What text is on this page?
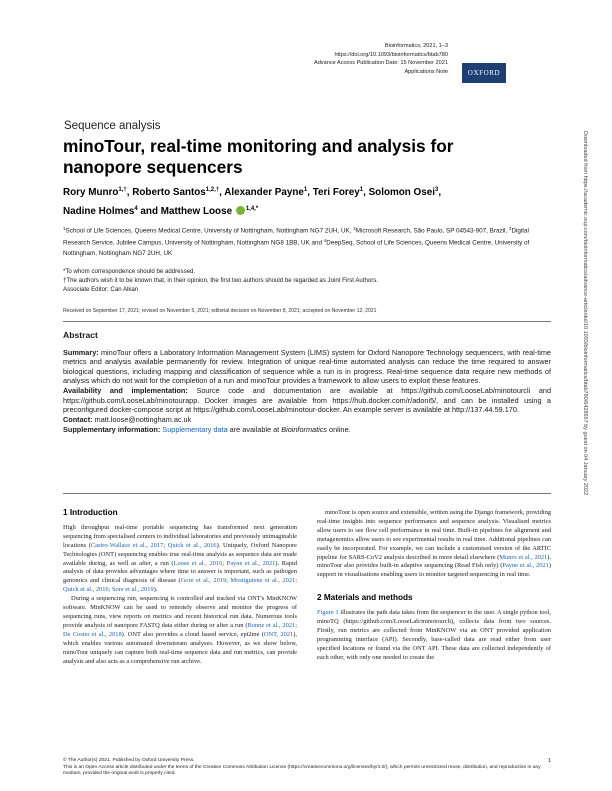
Bioinformatics, 2021, 1–3
https://doi.org/10.1093/bioinformatics/btab780
Advance Access Publication Date: 15 November 2021
Applications Note	OXFORD
Sequence analysis
minoTour, real-time monitoring and analysis for nanopore sequencers
Rory Munro$^{1,\dagger}$, Roberto Santos$^{1,2,\dagger}$, Alexander Payne$^1$, Teri Forey$^1$, Solomon Osei$^3$,
Nadine Holmes$^4$ and Matthew Loose $^{1,4,*}$
$^1$School of Life Sciences, Queens Medical Centre, University of Nottingham, Nottingham NG7 2UH, UK, $^2$Microsoft Research, São Paulo, SP 04543-907, Brazil, $^3$Digital Research Service, Jubilee Campus, University of Nottingham, Nottingham NG8 1BB, UK and $^4$DeepSeq, School of Life Sciences, Queens Medical Centre, University of Nottingham, Nottingham NG7 2UH, UK
*To whom correspondence should be addressed.
†The authors wish it to be known that, in their opinion, the first two authors should be regarded as Joint First Authors.
Associate Editor: Can Alkan
Received on September 17, 2021; revised on November 5, 2021; editorial decision on November 8, 2021; accepted on November 12, 2021
Abstract

Summary: minoTour offers a Laboratory Information Management System (LIMS) system for Oxford Nanopore Technology sequencers, with real-time metrics and analysis available permanently for review. Integration of unique real-time automated analysis can reduce the time required to answer biological questions, including mapping and classification of sequence while a run is in progress. Real-time sequence data require new methods of analysis which do not wait for the completion of a run and minoTour provides a framework to allow users to exploit these features.

Availability and implementation: Source code and documentation are available at https://github.com/LooseLab/minotourcli and https://github.com/LooseLab/minotourapp. Docker images are available from https://hub.docker.com/r/adoni5/, and can be installed using a preconfigured docker-compose script at https://github.com/LooseLab/minotour-docker. An example server is available at http://137.44.59.170.

Contact: matt.loose@nottingham.ac.uk

Supplementary information: Supplementary data are available at Bioinformatics online.

1 Introduction

High throughput real-time portable sequencing has transformed next generation sequencing from specialised centers to individual laboratories and previously unimaginable locations (Castro-Wallace et al., 2017; Quick et al., 2016). Uniquely, Oxford Nanopore Technologies (ONT) sequencing enables true real-time analysis as sequence data are made available during, as well as after, a run (Loose et al., 2016; Payne et al., 2021). Rapid analysis of data provides advantages where time to answer is important, such as pathogen genomics and clinical diagnosis of disease (Gore et al., 2019; Mostiguiene et al., 2021; Quick et al., 2016; Sore et al., 2019).

During a sequencing run, sequencing is controlled and tracked via ONT's MinKNOW software. MinKNOW can be used to remotely observe and monitor the progress of sequencing runs, view reports on metrics and recent historical run data. Numerous tools provide analysis of nanopore FASTQ data either during or after a run (Bonne et al., 2021; De Coster et al., 2018). ONT also provides a cloud based service, epi2me (ONT, 2021), which enables various automated downstream analyses. However, as we show below, minoTour uniquely can capture both real-time sequence data and run metrics, can provide analysis and also acts as a comprehensive run archive.

minoTour is open source and extensible, written using the Django framework, providing real-time insights into sequence performance and sequence analysis. Visualised metrics allow users to see flow cell performance in real time. Built-in pipelines for alignment and metagenomics allow users to see experimental results in real time. Additional pipelines can easily be incorporated. For example, we can include a customised version of the ARTIC pipeline for SARS-CoV2 analysis described in more detail elsewhere (Munro et al., 2021). minoTour also provides built-in adaptive sequencing (Read Fish only) (Payne et al., 2021) support in visualisations enabling users to monitor targeted sequencing in real time.

2 Materials and methods

Figure 1 illustrates the path data takes from the sequencer to the user. A single python tool, minoTQ (https://github.com/LooseLab/minotourcli), collects data from two sources. Firstly, run metrics are collected from MinKNOW via an ONT provided application programming interface (API). Secondly, base-called data are read either from user specified locations or found via the ONT API. These data are collected independently of each other, with only one needed to create the

© The Author(s) 2021. Published by Oxford University Press.	1
This is an Open Access article distributed under the terms of the Creative Commons Attribution License (https://creativecommons.org/licenses/by/4.0/), which permits unrestricted reuse, distribution, and reproduction in any medium, provided the original work is properly cited.
Downloaded from https://academic.oup.com/bioinformatics/advance-article/doi/10.1093/bioinformatics/btab780/6428657 by guest on 04 January 2022
